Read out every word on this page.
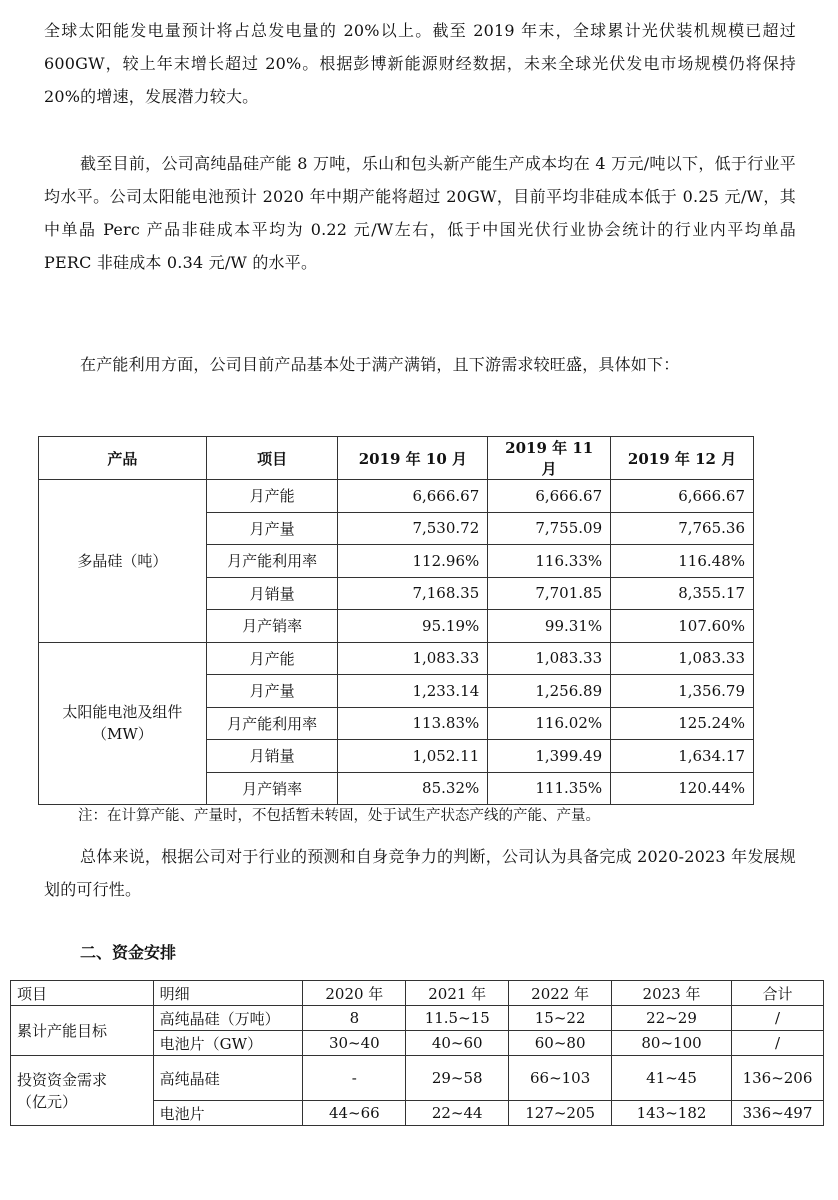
全球太阳能发电量预计将占总发电量的 20%以上。截至 2019 年末，全球累计光伏装机规模已超过 600GW，较上年末增长超过 20%。根据彭博新能源财经数据，未来全球光伏发电市场规模仍将保持 20%的增速，发展潜力较大。

截至目前，公司高纯晶硅产能 8 万吨，乐山和包头新产能生产成本均在 4 万元/吨以下，低于行业平均水平。公司太阳能电池预计 2020 年中期产能将超过 20GW，目前平均非硅成本低于 0.25 元/W，其中单晶 Perc 产品非硅成本平均为 0.22 元/W左右，低于中国光伏行业协会统计的行业内平均单晶 PERC 非硅成本 0.34 元/W 的水平。

在产能利用方面，公司目前产品基本处于满产满销，且下游需求较旺盛，具体如下：

产品	项目	2019 年 10 月	2019 年 11 月	2019 年 12 月
多晶硅（吨）	月产能	6,666.67	6,666.67	6,666.67
	月产量	7,530.72	7,755.09	7,765.36
	月产能利用率	112.96%	116.33%	116.48%
	月销量	7,168.35	7,701.85	8,355.17
	月产销率	95.19%	99.31%	107.60%
太阳能电池及组件
（MW）	月产能	1,083.33	1,083.33	1,083.33
	月产量	1,233.14	1,256.89	1,356.79
	月产能利用率	113.83%	116.02%	125.24%
	月销量	1,052.11	1,399.49	1,634.17
	月产销率	85.32%	111.35%	120.44%

注：在计算产能、产量时，不包括暂未转固，处于试生产状态产线的产能、产量。

总体来说，根据公司对于行业的预测和自身竞争力的判断，公司认为具备完成 2020-2023 年发展规划的可行性。

二、资金安排

项目	明细	2020 年	2021 年	2022 年	2023 年	合计
累计产能目标	高纯晶硅（万吨）	8	11.5~15	15~22	22~29	/
	电池片（GW）	30~40	40~60	60~80	80~100	/
投资资金需求
（亿元）	高纯晶硅	-	29~58	66~103	41~45	136~206
	电池片	44~66	22~44	127~205	143~182	336~497
